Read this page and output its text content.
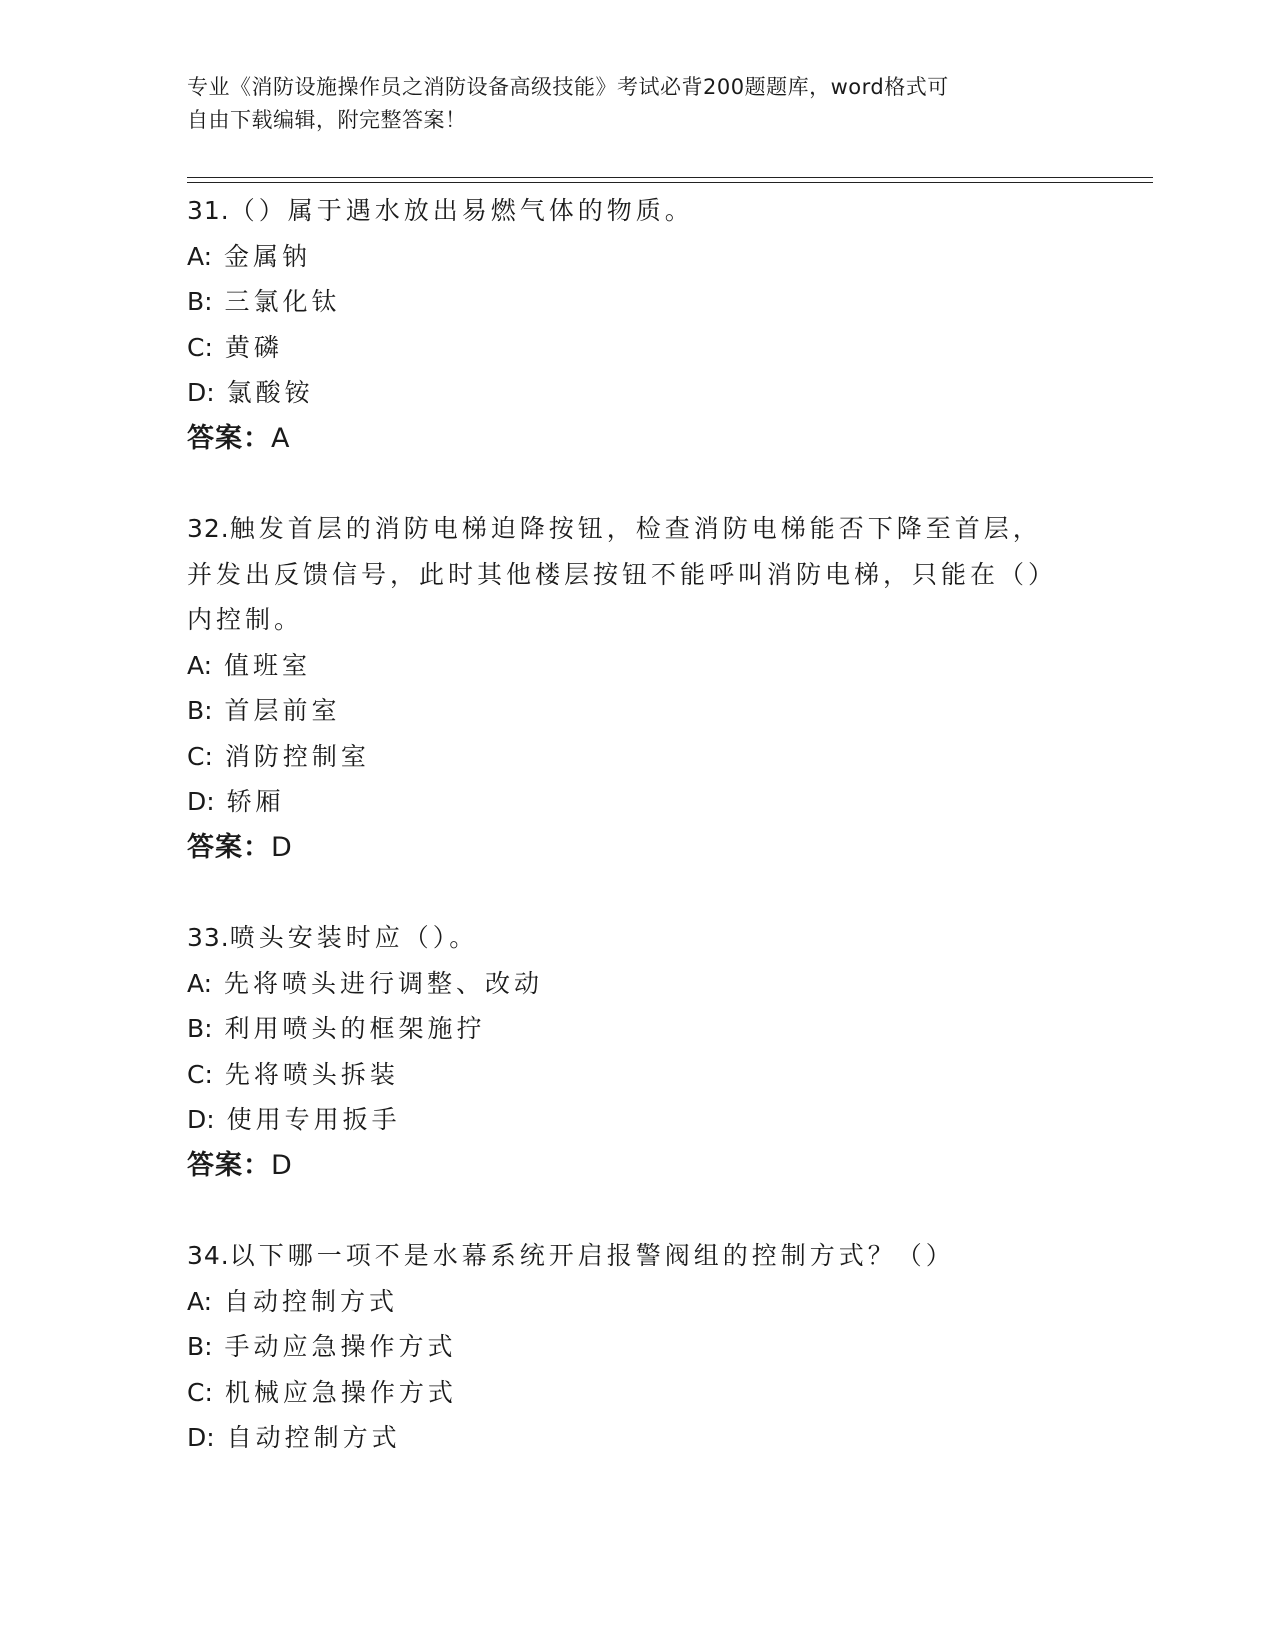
专业《消防设施操作员之消防设备高级技能》考试必背200题题库，word格式可
自由下载编辑，附完整答案！
31.（）属于遇水放出易燃气体的物质。
A: 金属钠
B: 三氯化钛
C: 黄磷
D: 氯酸铵
答案：A
32.触发首层的消防电梯迫降按钮，检查消防电梯能否下降至首层，并发出反馈信号，此时其他楼层按钮不能呼叫消防电梯，只能在（）内控制。
A: 值班室
B: 首层前室
C: 消防控制室
D: 轿厢
答案：D
33.喷头安装时应（）。
A: 先将喷头进行调整、改动
B: 利用喷头的框架施拧
C: 先将喷头拆装
D: 使用专用扳手
答案：D
34.以下哪一项不是水幕系统开启报警阀组的控制方式？（）
A: 自动控制方式
B: 手动应急操作方式
C: 机械应急操作方式
D: 自动控制方式
